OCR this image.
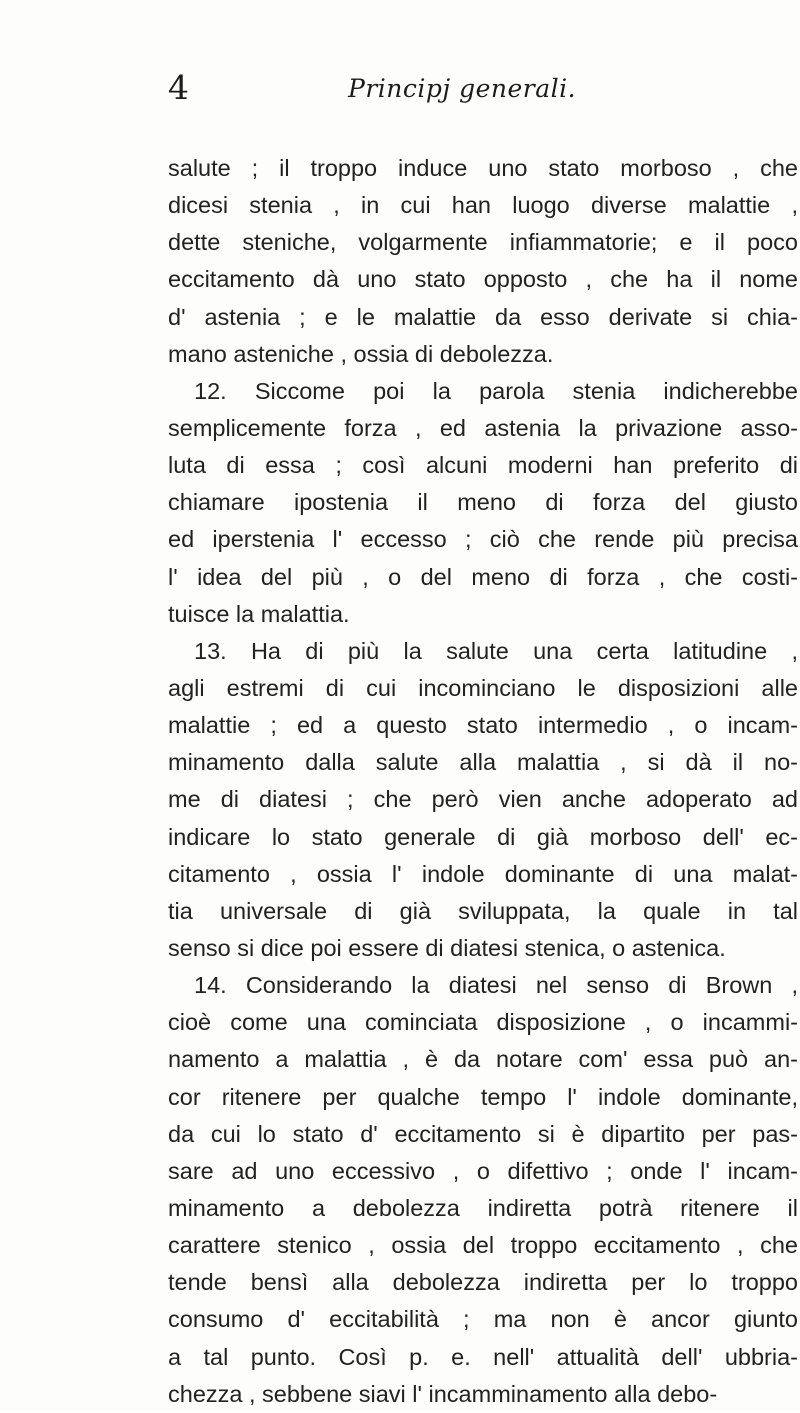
4	Principj generali.
salute ; il troppo induce uno stato morboso , che
dicesi stenia , in cui han luogo diverse malattie ,
dette steniche, volgarmente infiammatorie; e il poco
eccitamento dà uno stato opposto , che ha il nome
d' astenia ; e le malattie da esso derivate si chia-
mano asteniche , ossia di debolezza.
12. Siccome poi la parola stenia indicherebbe
semplicemente forza , ed astenia la privazione asso-
luta di essa ; così alcuni moderni han preferito di
chiamare ipostenia il meno di forza del giusto
ed iperstenia l' eccesso ; ciò che rende più precisa
l' idea del più , o del meno di forza , che costi-
tuisce la malattia.
13. Ha di più la salute una certa latitudine ,
agli estremi di cui incominciano le disposizioni alle
malattie ; ed a questo stato intermedio , o incam-
minamento dalla salute alla malattia , si dà il no-
me di diatesi ; che però vien anche adoperato ad
indicare lo stato generale di già morboso dell' ec-
citamento , ossia l' indole dominante di una malat-
tia universale di già sviluppata, la quale in tal
senso si dice poi essere di diatesi stenica, o astenica.
14. Considerando la diatesi nel senso di Brown ,
cioè come una cominciata disposizione , o incammi-
namento a malattia , è da notare com' essa può an-
cor ritenere per qualche tempo l' indole dominante,
da cui lo stato d' eccitamento si è dipartito per pas-
sare ad uno eccessivo , o difettivo ; onde l' incam-
minamento a debolezza indiretta potrà ritenere il
carattere stenico , ossia del troppo eccitamento , che
tende bensì alla debolezza indiretta per lo troppo
consumo d' eccitabilità ; ma non è ancor giunto
a tal punto. Così p. e. nell' attualità dell' ubbria-
chezza , sebbene siavi l' incamminamento alla debo-
